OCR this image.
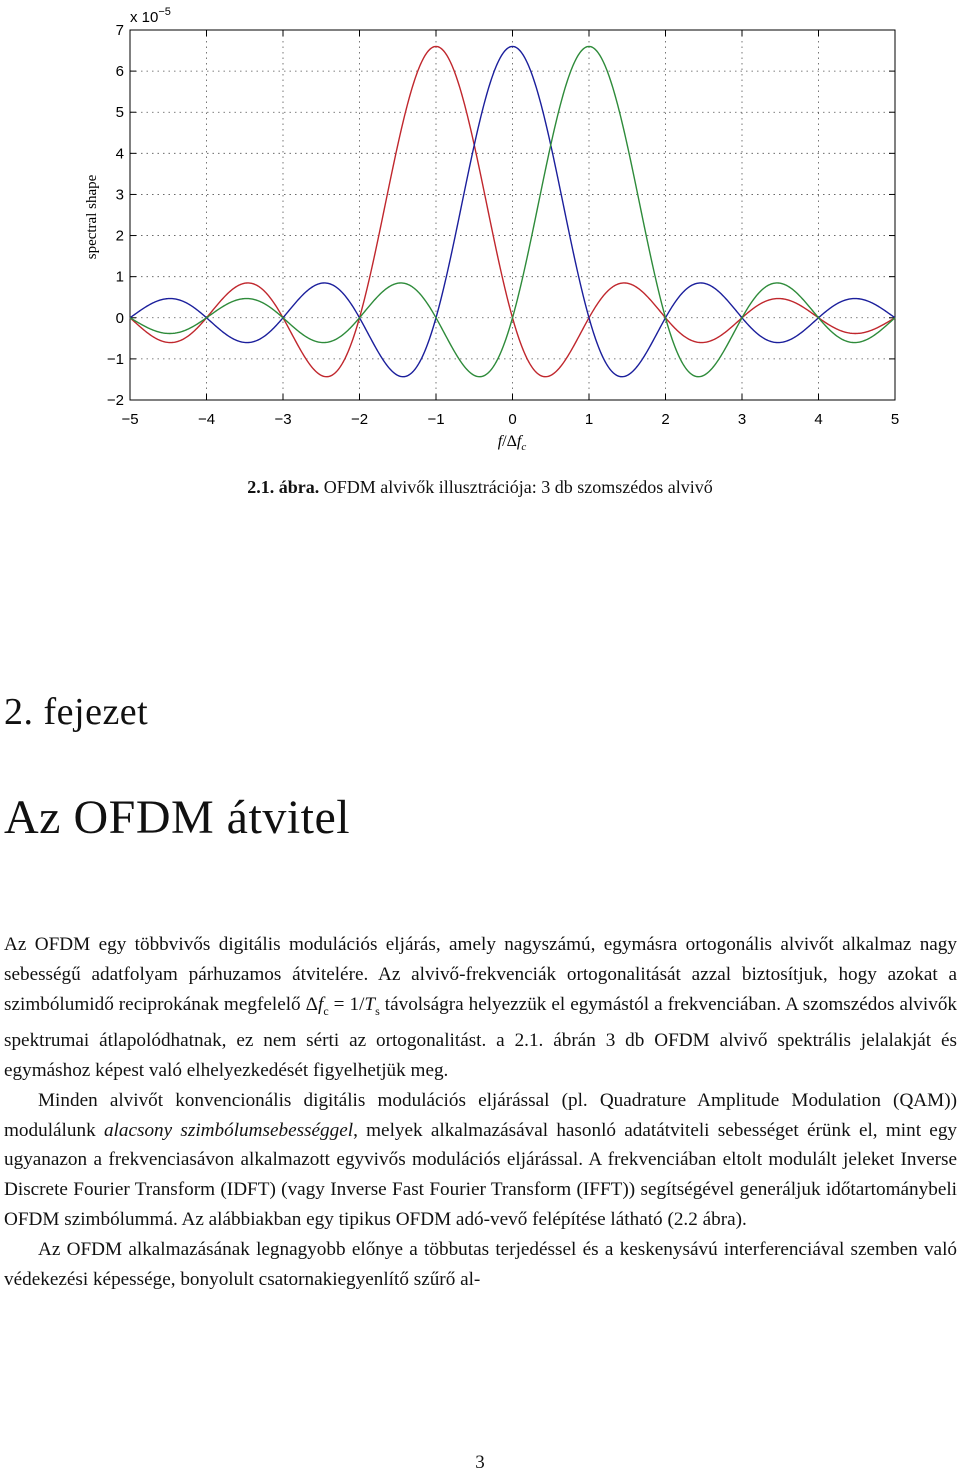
−5	−4	−3	−2	−1	0	1	2	3	4	5
7
6
5
4
3
2
1
0
−1
−2
x $10^{-5}$
spectral shape
$f/\Delta f_c$
2.1. ábra. OFDM alvivők illusztrációja: 3 db szomszédos alvivő
2. fejezet
Az OFDM átvitel

Az OFDM egy többvivős digitális modulációs eljárás, amely nagyszámú, egymásra ortogonális alvivőt alkalmaz nagy sebességű adatfolyam párhuzamos átvitelére. Az alvivő-frekvenciák ortogonalitását azzal biztosítjuk, hogy azokat a szimbólumidő reciprokának megfelelő $\Delta f_c = 1/T_s$ távolságra helyezzük el egymástól a frekvenciában. A szomszédos alvivők spektrumai átlapolódhatnak, ez nem sérti az ortogonalitást. a 2.1. ábrán 3 db OFDM alvivő spektrális jelalakját és egymáshoz képest való elhelyezkedését figyelhetjük meg.

Minden alvivőt konvencionális digitális modulációs eljárással (pl. Quadrature Amplitude Modulation (QAM)) modulálunk alacsony szimbólumsebességgel, melyek alkalmazásával hasonló adatátviteli sebességet érünk el, mint egy ugyanazon a frekvenciasávon alkalmazott egyvivős modulációs eljárással. A frekvenciában eltolt modulált jeleket Inverse Discrete Fourier Transform (IDFT) (vagy Inverse Fast Fourier Transform (IFFT)) segítségével generáljuk időtartománybeli OFDM szimbólummá. Az alábbiakban egy tipikus OFDM adó-vevő felépítése látható (2.2 ábra).

Az OFDM alkalmazásának legnagyobb előnye a többutas terjedéssel és a keskenysávú interferenciával szemben való védekezési képessége, bonyolult csatornakiegyenlítő szűrő al-

3
